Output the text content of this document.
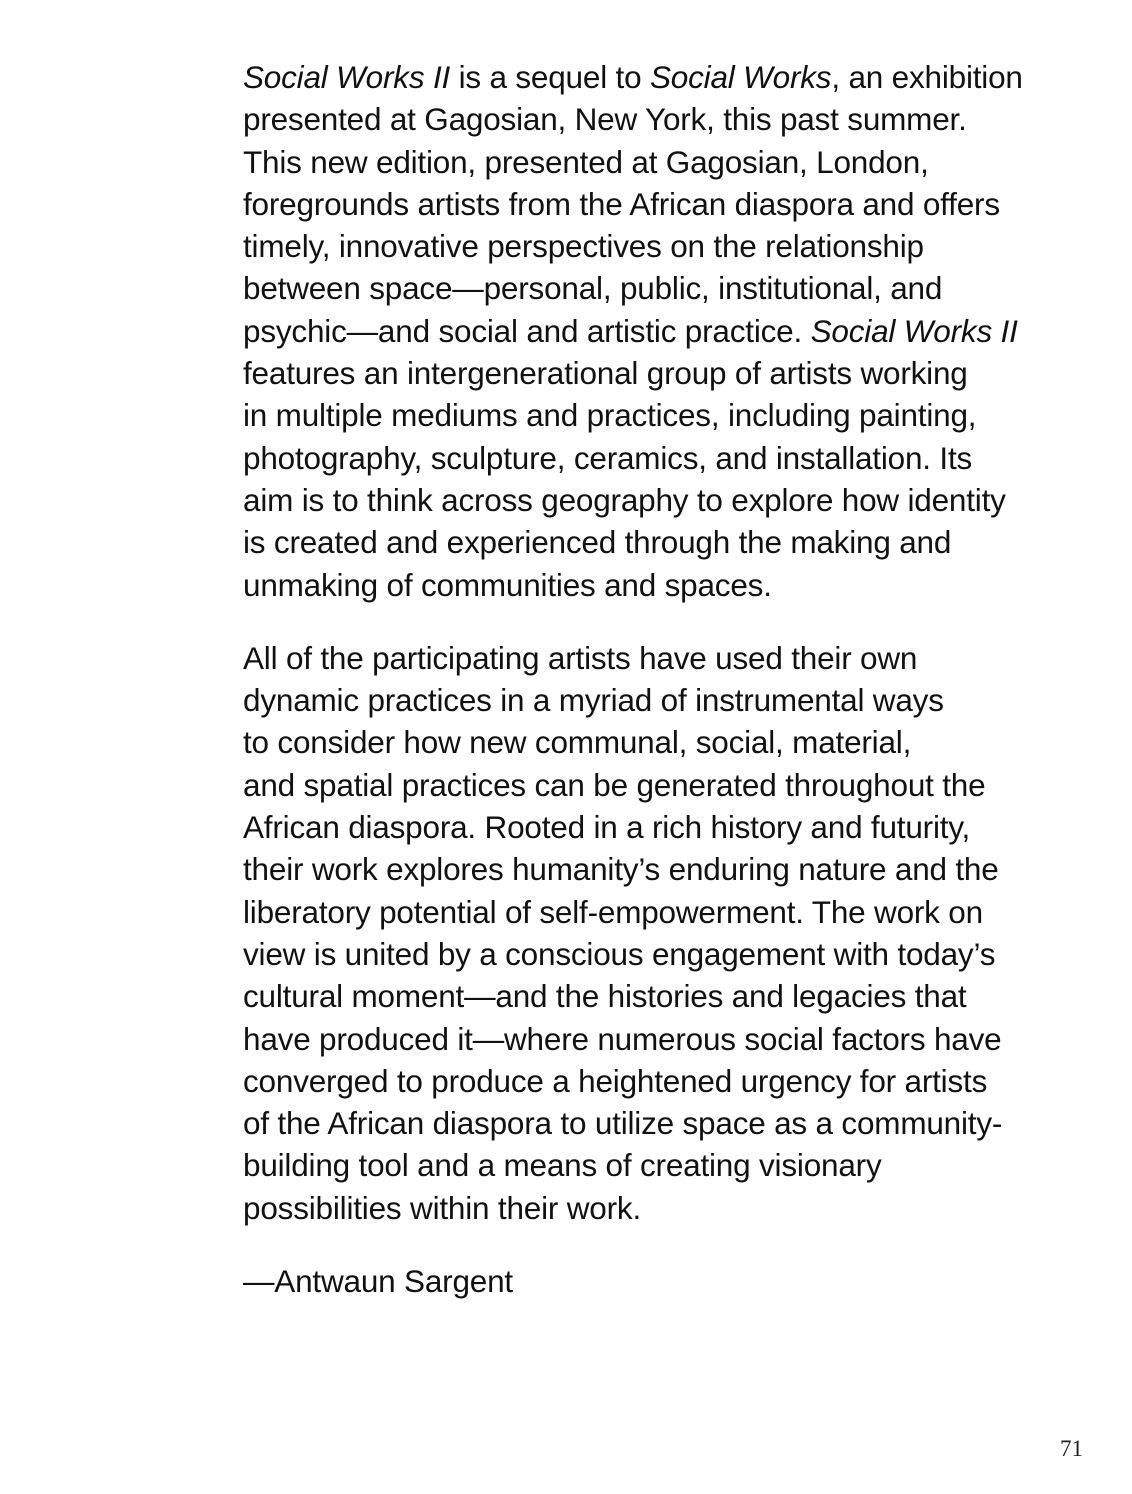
Social Works II is a sequel to Social Works, an exhibition
presented at Gagosian, New York, this past summer.
This new edition, presented at Gagosian, London,
foregrounds artists from the African diaspora and offers
timely, innovative perspectives on the relationship
between space—personal, public, institutional, and
psychic—and social and artistic practice. Social Works II
features an intergenerational group of artists working
in multiple mediums and practices, including painting,
photography, sculpture, ceramics, and installation. Its
aim is to think across geography to explore how identity
is created and experienced through the making and
unmaking of communities and spaces.

All of the participating artists have used their own
dynamic practices in a myriad of instrumental ways
to consider how new communal, social, material,
and spatial practices can be generated throughout the
African diaspora. Rooted in a rich history and futurity,
their work explores humanity’s enduring nature and the
liberatory potential of self-empowerment. The work on
view is united by a conscious engagement with today’s
cultural moment—and the histories and legacies that
have produced it—where numerous social factors have
converged to produce a heightened urgency for artists
of the African diaspora to utilize space as a community-
building tool and a means of creating visionary
possibilities within their work.

—Antwaun Sargent

71
